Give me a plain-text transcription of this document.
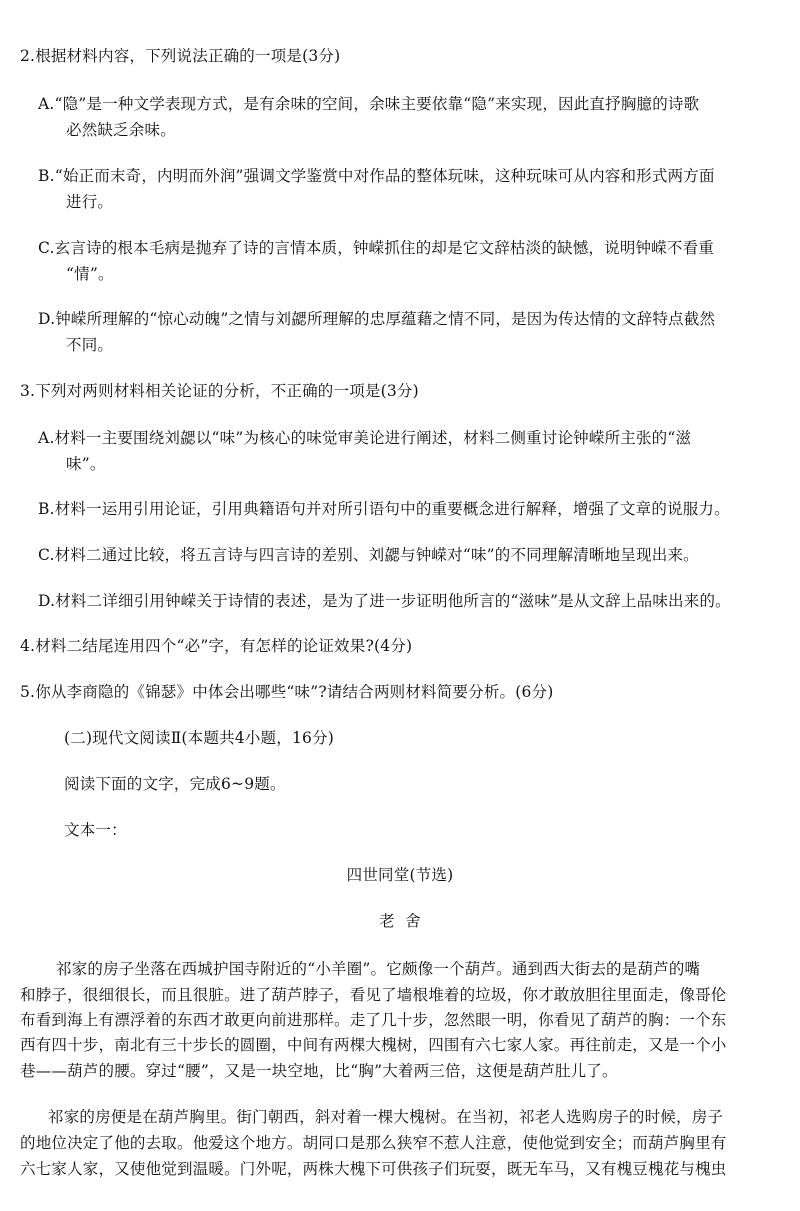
2.根据材料内容，下列说法正确的一项是(3分)
A.“隐”是一种文学表现方式，是有余味的空间，余味主要依靠“隐”来实现，因此直抒胸臆的诗歌
必然缺乏余味。
B.“始正而末奇，内明而外润”强调文学鉴赏中对作品的整体玩味，这种玩味可从内容和形式两方面
进行。
C.玄言诗的根本毛病是抛弃了诗的言情本质，钟嵘抓住的却是它文辞枯淡的缺憾，说明钟嵘不看重
“情”。
D.钟嵘所理解的“惊心动魄”之情与刘勰所理解的忠厚蕴藉之情不同，是因为传达情的文辞特点截然
不同。
3.下列对两则材料相关论证的分析，不正确的一项是(3分)
A.材料一主要围绕刘勰以“味”为核心的味觉审美论进行阐述，材料二侧重讨论钟嵘所主张的“滋
味”。
B.材料一运用引用论证，引用典籍语句并对所引语句中的重要概念进行解释，增强了文章的说服力。
C.材料二通过比较，将五言诗与四言诗的差别、刘勰与钟嵘对“味”的不同理解清晰地呈现出来。
D.材料二详细引用钟嵘关于诗情的表述，是为了进一步证明他所言的“滋味”是从文辞上品味出来的。
4.材料二结尾连用四个“必”字，有怎样的论证效果?(4分)
5.你从李商隐的《锦瑟》中体会出哪些“味”?请结合两则材料简要分析。(6分)
(二)现代文阅读Ⅱ(本题共4小题，16分)
阅读下面的文字，完成6~9题。
文本一：
四世同堂(节选)
老  舍
祁家的房子坐落在西城护国寺附近的“小羊圈”。它颇像一个葫芦。通到西大街去的是葫芦的嘴
和脖子，很细很长，而且很脏。进了葫芦脖子，看见了墙根堆着的垃圾，你才敢放胆往里面走，像哥伦
布看到海上有漂浮着的东西才敢更向前进那样。走了几十步，忽然眼一明，你看见了葫芦的胸：一个东
西有四十步，南北有三十步长的圆圈，中间有两棵大槐树，四围有六七家人家。再往前走，又是一个小
巷——葫芦的腰。穿过“腰”，又是一块空地，比“胸”大着两三倍，这便是葫芦肚儿了。
祁家的房便是在葫芦胸里。街门朝西，斜对着一棵大槐树。在当初，祁老人选购房子的时候，房子
的地位决定了他的去取。他爱这个地方。胡同口是那么狭窄不惹人注意，使他觉到安全；而葫芦胸里有
六七家人家，又使他觉到温暖。门外呢，两株大槐下可供孩子们玩耍，既无车马，又有槐豆槐花与槐虫
